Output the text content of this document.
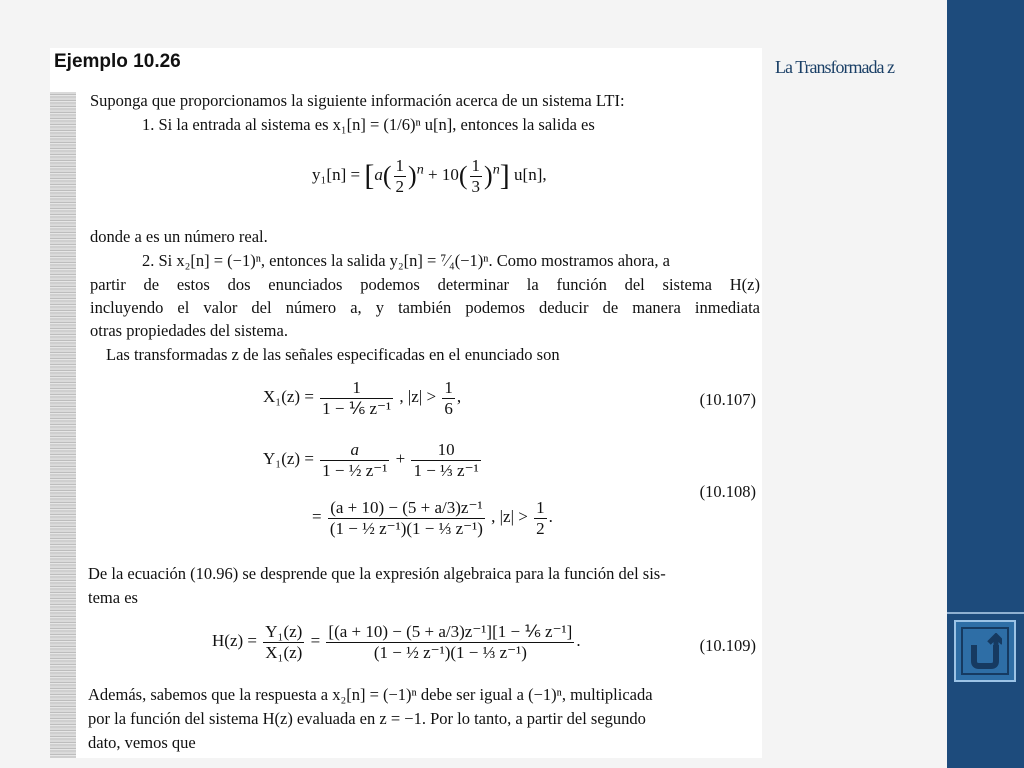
La Transformada z
Ejemplo 10.26
Suponga que proporcionamos la siguiente información acerca de un sistema LTI:
1. Si la entrada al sistema es x₁[n] = (1/6)ⁿ u[n], entonces la salida es
$y_1[n] = [a( \frac{1}{2} )^n + 10( \frac{1}{3} )^n]$ u[n],
donde a es un número real.
2. Si x₂[n] = (−1)ⁿ, entonces la salida y₂[n] = ⁷⁄₄(−1)ⁿ. Como mostramos ahora, a
partir de estos dos enunciados podemos determinar la función del sistema H(z)
incluyendo el valor del número a, y también podemos deducir de manera inmediata
otras propiedades del sistema.
Las transformadas z de las señales especificadas en el enunciado son
$X_1(z) = \frac{1}{\text{1 − ⅙ z⁻¹}}$ , $|z| > \frac{1}{6}$ ,	(10.107)
$Y_1(z) = \frac{a}{\text{1 − ½ z⁻¹}} + \frac{10}{\text{1 − ⅓ z⁻¹}}$
= $\frac{\text{(a + 10) − (5 + a/3)z⁻¹}}{\text{(1 − ½ z⁻¹)(1 − ⅓ z⁻¹)}}$ , $|z| > \frac{1}{2}$ .
(10.108)
De la ecuación (10.96) se desprende que la expresión algebraica para la función del sis-
tema es
$H(z) = \frac{\text{Y₁(z)}}{\text{X₁(z)}} = \frac{\text{[(a + 10) − (5 + a/3)z⁻¹][1 − ⅙ z⁻¹]}}{\text{(1 − ½ z⁻¹)(1 − ⅓ z⁻¹)}}$ .	(10.109)
Además, sabemos que la respuesta a x₂[n] = (−1)ⁿ debe ser igual a (−1)ⁿ, multiplicada
por la función del sistema H(z) evaluada en z = −1. Por lo tanto, a partir del segundo
dato, vemos que
